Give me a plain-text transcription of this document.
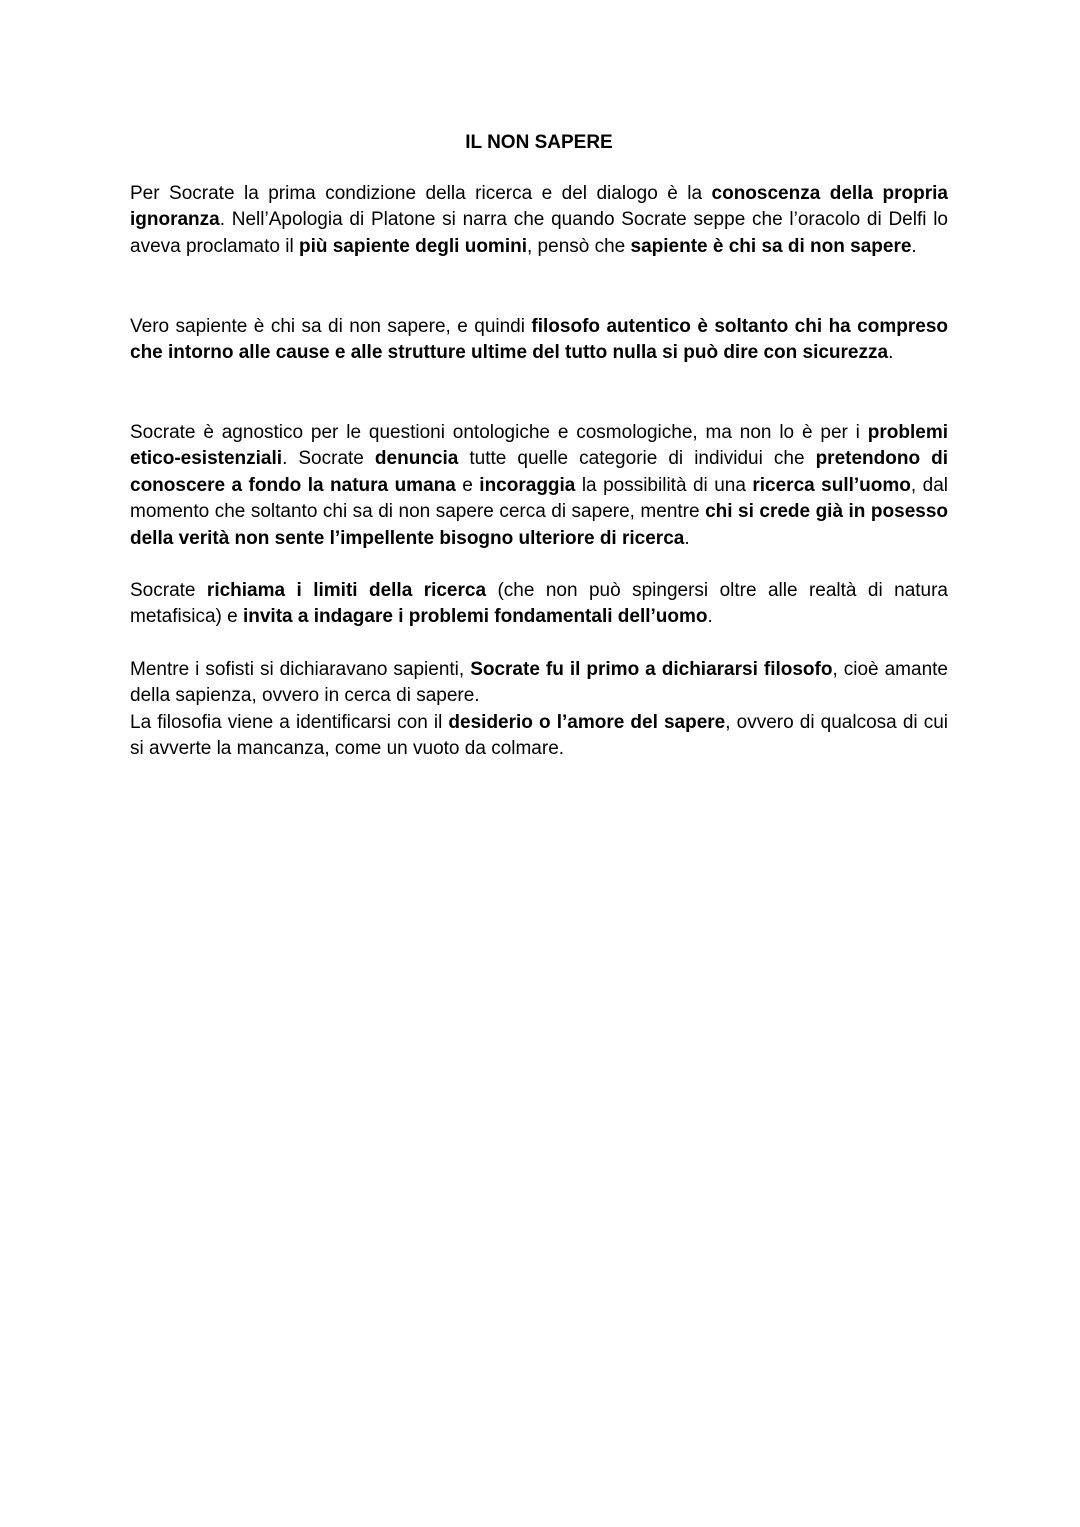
IL NON SAPERE

Per Socrate la prima condizione della ricerca e del dialogo è la conoscenza della propria ignoranza. Nell’Apologia di Platone si narra che quando Socrate seppe che l’oracolo di Delfi lo aveva proclamato il più sapiente degli uomini, pensò che sapiente è chi sa di non sapere.

Vero sapiente è chi sa di non sapere, e quindi filosofo autentico è soltanto chi ha compreso che intorno alle cause e alle strutture ultime del tutto nulla si può dire con sicurezza.

Socrate è agnostico per le questioni ontologiche e cosmologiche, ma non lo è per i problemi etico-esistenziali. Socrate denuncia tutte quelle categorie di individui che pretendono di conoscere a fondo la natura umana e incoraggia la possibilità di una ricerca sull’uomo, dal momento che soltanto chi sa di non sapere cerca di sapere, mentre chi si crede già in posesso della verità non sente l’impellente bisogno ulteriore di ricerca.

Socrate richiama i limiti della ricerca (che non può spingersi oltre alle realtà di natura metafisica) e invita a indagare i problemi fondamentali dell’uomo.

Mentre i sofisti si dichiaravano sapienti, Socrate fu il primo a dichiararsi filosofo, cioè amante della sapienza, ovvero in cerca di sapere.

La filosofia viene a identificarsi con il desiderio o l’amore del sapere, ovvero di qualcosa di cui si avverte la mancanza, come un vuoto da colmare.
